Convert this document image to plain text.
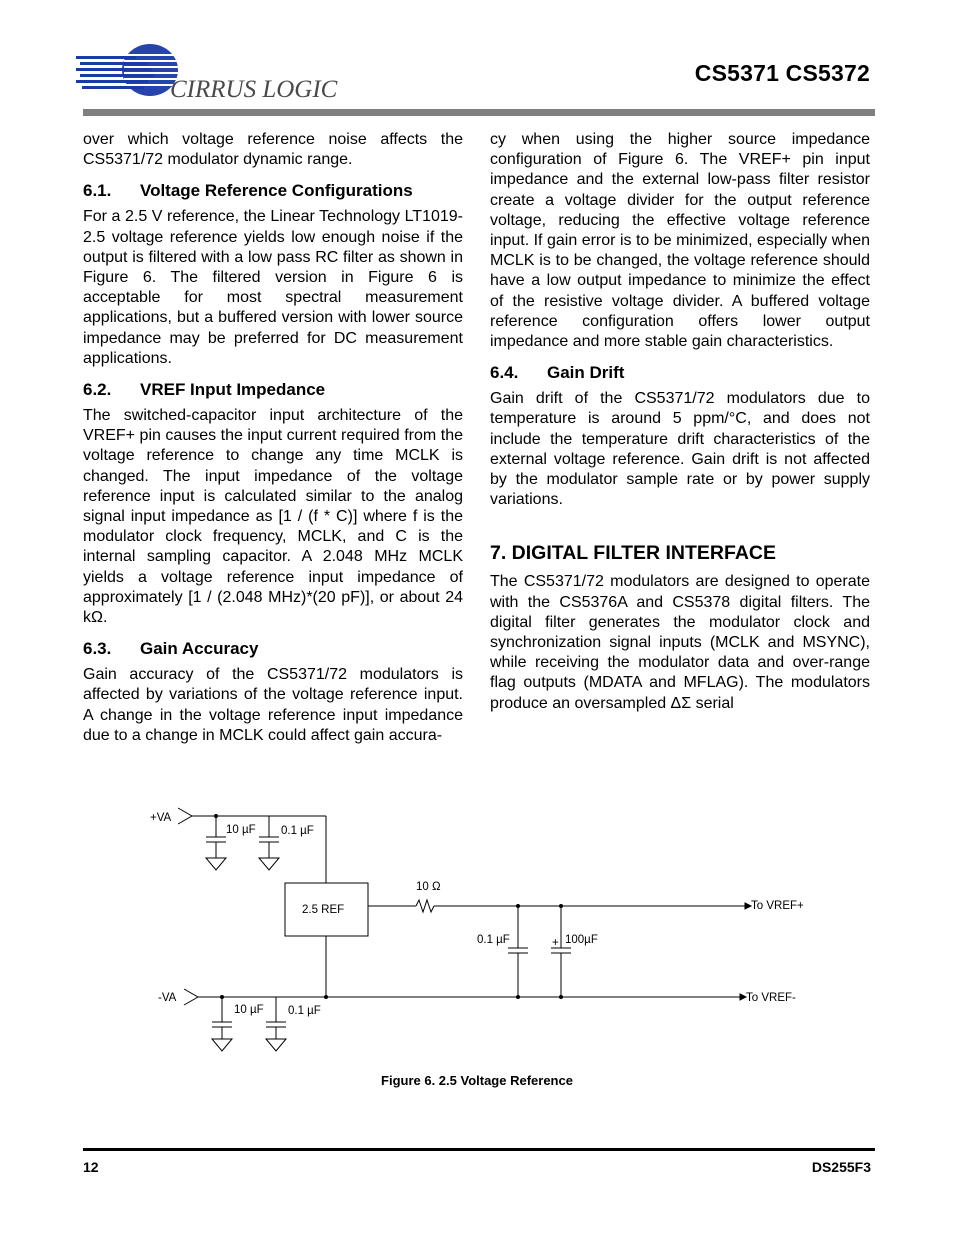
CIRRUS LOGIC
CS5371 CS5372

over which voltage reference noise affects the CS5371/72 modulator dynamic range.

6.1. Voltage Reference Configurations

For a 2.5 V reference, the Linear Technology LT1019-2.5 voltage reference yields low enough noise if the output is filtered with a low pass RC filter as shown in Figure 6. The filtered version in Figure 6 is acceptable for most spectral measurement applications, but a buffered version with lower source impedance may be preferred for DC measurement applications.

6.2. VREF Input Impedance

The switched-capacitor input architecture of the VREF+ pin causes the input current required from the voltage reference to change any time MCLK is changed. The input impedance of the voltage reference input is calculated similar to the analog signal input impedance as [1 / (f * C)] where f is the modulator clock frequency, MCLK, and C is the internal sampling capacitor. A 2.048 MHz MCLK yields a voltage reference input impedance of approximately [1 / (2.048 MHz)*(20 pF)], or about 24 kΩ.

6.3. Gain Accuracy

Gain accuracy of the CS5371/72 modulators is affected by variations of the voltage reference input. A change in the voltage reference input impedance due to a change in MCLK could affect gain accura-

cy when using the higher source impedance configuration of Figure 6. The VREF+ pin input impedance and the external low-pass filter resistor create a voltage divider for the output reference voltage, reducing the effective voltage reference input. If gain error is to be minimized, especially when MCLK is to be changed, the voltage reference should have a low output impedance to minimize the effect of the resistive voltage divider. A buffered voltage reference configuration offers lower output impedance and more stable gain characteristics.

6.4. Gain Drift

Gain drift of the CS5371/72 modulators due to temperature is around 5 ppm/°C, and does not include the temperature drift characteristics of the external voltage reference. Gain drift is not affected by the modulator sample rate or by power supply variations.

7. DIGITAL FILTER INTERFACE

The CS5371/72 modulators are designed to operate with the CS5376A and CS5378 digital filters. The digital filter generates the modulator clock and synchronization signal inputs (MCLK and MSYNC), while receiving the modulator data and over-range flag outputs (MDATA and MFLAG). The modulators produce an oversampled ΔΣ serial

+VA
10 µF 0.1 µF
2.5 REF
10 Ω
0.1 µF	+ 100µF
To VREF+
-VA	To VREF-
10 µF 0.1 µF
Figure 6. 2.5 Voltage Reference
12	DS255F3
